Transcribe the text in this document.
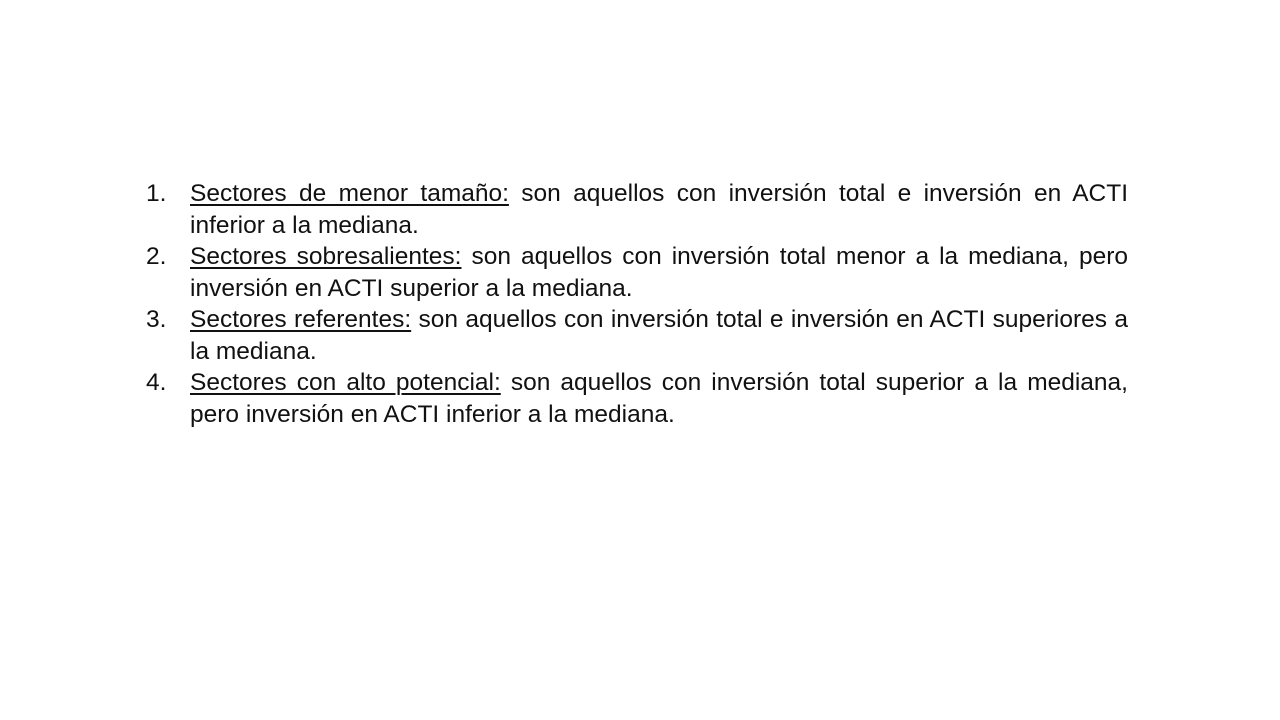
1. Sectores de menor tamaño: son aquellos con inversión total e inversión en ACTI inferior a la mediana.
2. Sectores sobresalientes: son aquellos con inversión total menor a la mediana, pero inversión en ACTI superior a la mediana.
3. Sectores referentes: son aquellos con inversión total e inversión en ACTI superiores a la mediana.
4. Sectores con alto potencial: son aquellos con inversión total superior a la mediana, pero inversión en ACTI inferior a la mediana.
